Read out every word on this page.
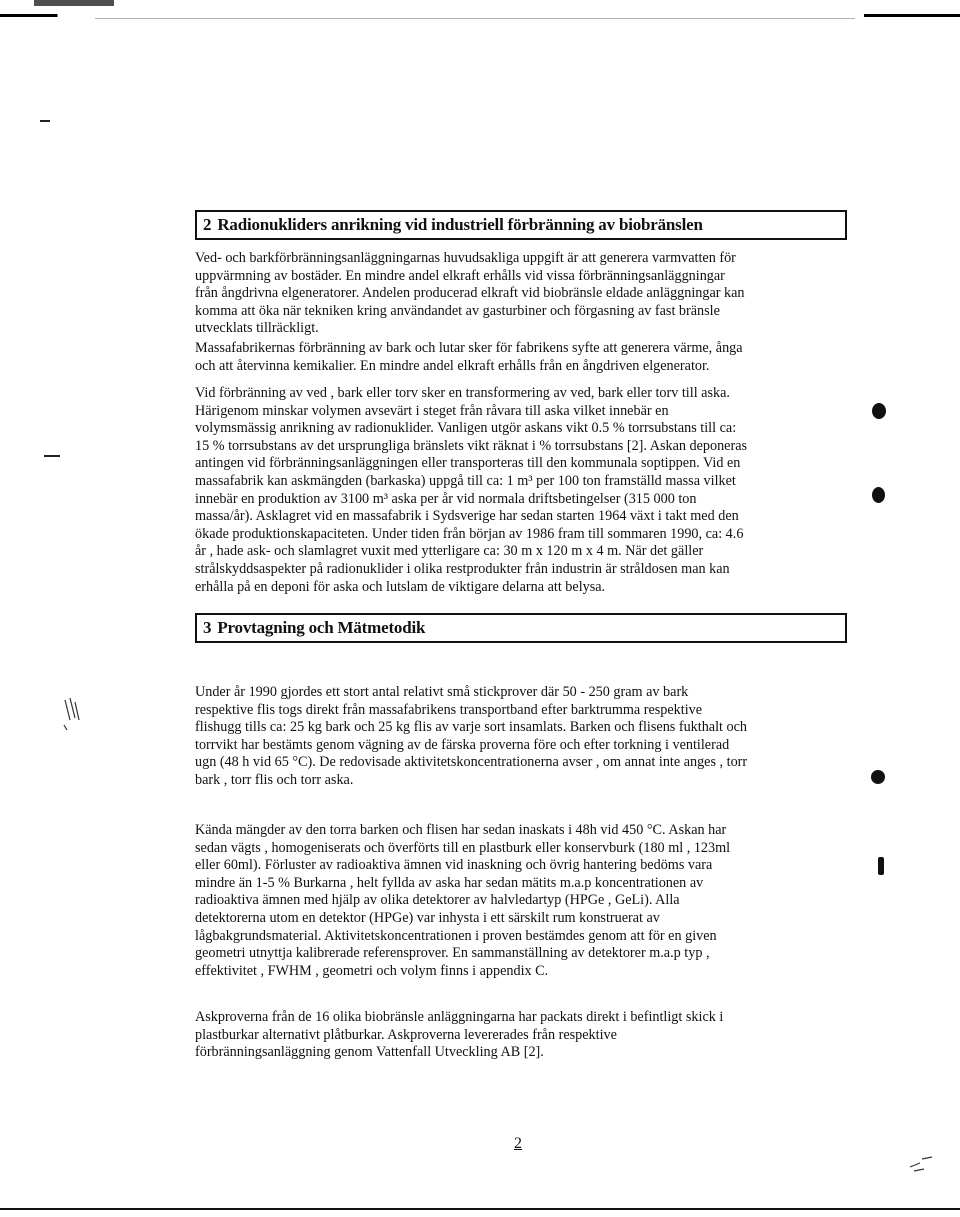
2 Radionukliders anrikning vid industriell förbränning av biobränslen
Ved- och barkförbränningsanläggningarnas huvudsakliga uppgift är att generera varmvatten för
uppvärmning av bostäder. En mindre andel elkraft erhålls vid vissa förbränningsanläggningar
från ångdrivna elgeneratorer. Andelen producerad elkraft vid biobränsle eldade anläggningar kan
komma att öka när tekniken kring användandet av gasturbiner och förgasning av fast bränsle
utvecklats tillräckligt.
Massafabrikernas förbränning av bark och lutar sker för fabrikens syfte att generera värme, ånga
och att återvinna kemikalier. En mindre andel elkraft erhålls från en ångdriven elgenerator.
Vid förbränning av ved , bark eller torv sker en transformering av ved, bark eller torv till aska.
Härigenom minskar volymen avsevärt i steget från råvara till aska vilket innebär en
volymsmässig anrikning av radionuklider. Vanligen utgör askans vikt 0.5 % torrsubstans till ca:
15 % torrsubstans av det ursprungliga bränslets vikt räknat i % torrsubstans [2]. Askan deponeras
antingen vid förbränningsanläggningen eller transporteras till den kommunala soptippen. Vid en
massafabrik kan askmängden (barkaska) uppgå till ca: 1 m³ per 100 ton framställd massa vilket
innebär en produktion av 3100 m³ aska per år vid normala driftsbetingelser (315 000 ton
massa/år). Asklagret vid en massafabrik i Sydsverige har sedan starten 1964 växt i takt med den
ökade produktionskapaciteten. Under tiden från början av 1986 fram till sommaren 1990, ca: 4.6
år , hade ask- och slamlagret vuxit med ytterligare ca: 30 m x 120 m x 4 m. När det gäller
strålskyddsaspekter på radionuklider i olika restprodukter från industrin är stråldosen man kan
erhålla på en deponi för aska och lutslam de viktigare delarna att belysa.
3 Provtagning och Mätmetodik
Under år 1990 gjordes ett stort antal relativt små stickprover där 50 - 250 gram av bark
respektive flis togs direkt från massafabrikens transportband efter barktrumma respektive
flishugg tills ca: 25 kg bark och 25 kg flis av varje sort insamlats. Barken och flisens fukthalt och
torrvikt har bestämts genom vägning av de färska proverna före och efter torkning i ventilerad
ugn (48 h vid 65 °C). De redovisade aktivitetskoncentrationerna avser , om annat inte anges , torr
bark , torr flis och torr aska.
Kända mängder av den torra barken och flisen har sedan inaskats i 48h vid 450 °C. Askan har
sedan vägts , homogeniserats och överförts till en plastburk eller konservburk (180 ml , 123ml
eller 60ml). Förluster av radioaktiva ämnen vid inaskning och övrig hantering bedöms vara
mindre än 1-5 % Burkarna , helt fyllda av aska har sedan mätits m.a.p koncentrationen av
radioaktiva ämnen med hjälp av olika detektorer av halvledartyp (HPGe , GeLi). Alla
detektorerna utom en detektor (HPGe) var inhysta i ett särskilt rum konstruerat av
lågbakgrundsmaterial. Aktivitetskoncentrationen i proven bestämdes genom att för en given
geometri utnyttja kalibrerade referensprover. En sammanställning av detektorer m.a.p typ ,
effektivitet , FWHM , geometri och volym finns i appendix C.
Askproverna från de 16 olika biobränsle anläggningarna har packats direkt i befintligt skick i
plastburkar alternativt plåtburkar. Askproverna levererades från respektive
förbränningsanläggning genom Vattenfall Utveckling AB [2].
2
